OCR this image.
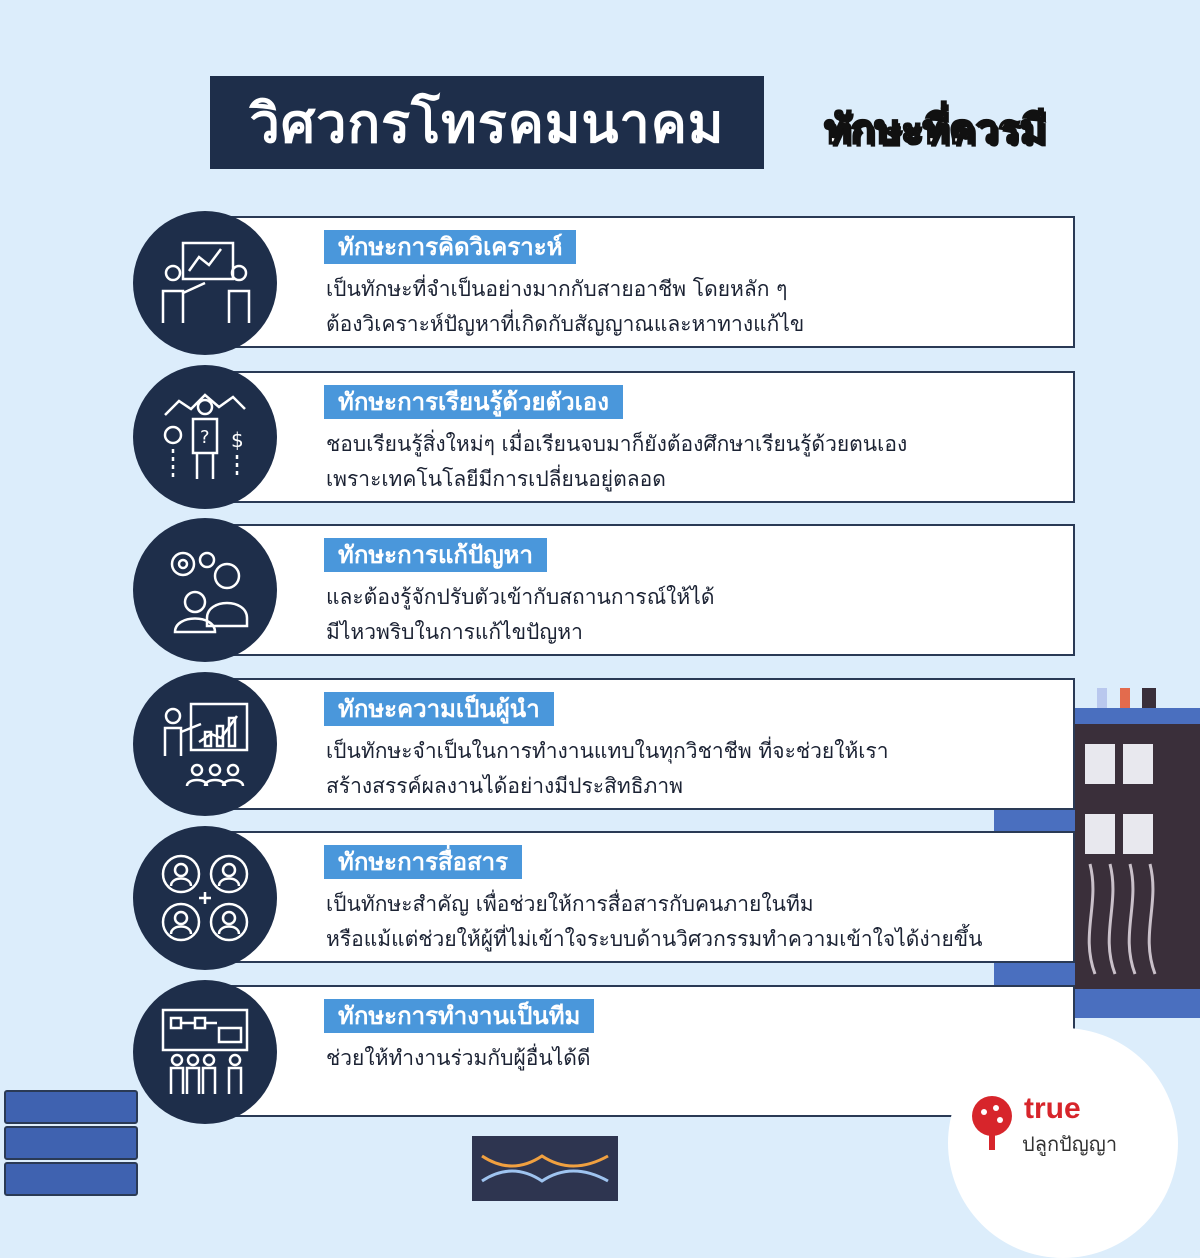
วิศวกรโทรคมนาคม	ทักษะที่ควรมี
ทักษะการคิดวิเคราะห์
เป็นทักษะที่จำเป็นอย่างมากกับสายอาชีพ โดยหลัก ๆ
ต้องวิเคราะห์ปัญหาที่เกิดกับสัญญาณและหาทางแก้ไข
ทักษะการเรียนรู้ด้วยตัวเอง
ชอบเรียนรู้สิ่งใหม่ๆ เมื่อเรียนจบมาก็ยังต้องศึกษาเรียนรู้ด้วยตนเอง
เพราะเทคโนโลยีมีการเปลี่ยนอยู่ตลอด
ทักษะการแก้ปัญหา
และต้องรู้จักปรับตัวเข้ากับสถานการณ์ให้ได้
มีไหวพริบในการแก้ไขปัญหา
ทักษะความเป็นผู้นำ
เป็นทักษะจำเป็นในการทำงานแทบในทุกวิชาชีพ ที่จะช่วยให้เรา
สร้างสรรค์ผลงานได้อย่างมีประสิทธิภาพ
ทักษะการสื่อสาร
เป็นทักษะสำคัญ เพื่อช่วยให้การสื่อสารกับคนภายในทีม
หรือแม้แต่ช่วยให้ผู้ที่ไม่เข้าใจระบบด้านวิศวกรรมทำความเข้าใจได้ง่ายขึ้น
ทักษะการทำงานเป็นทีม
ช่วยให้ทำงานร่วมกับผู้อื่นได้ดี
? $
true
ปลูกปัญญา
